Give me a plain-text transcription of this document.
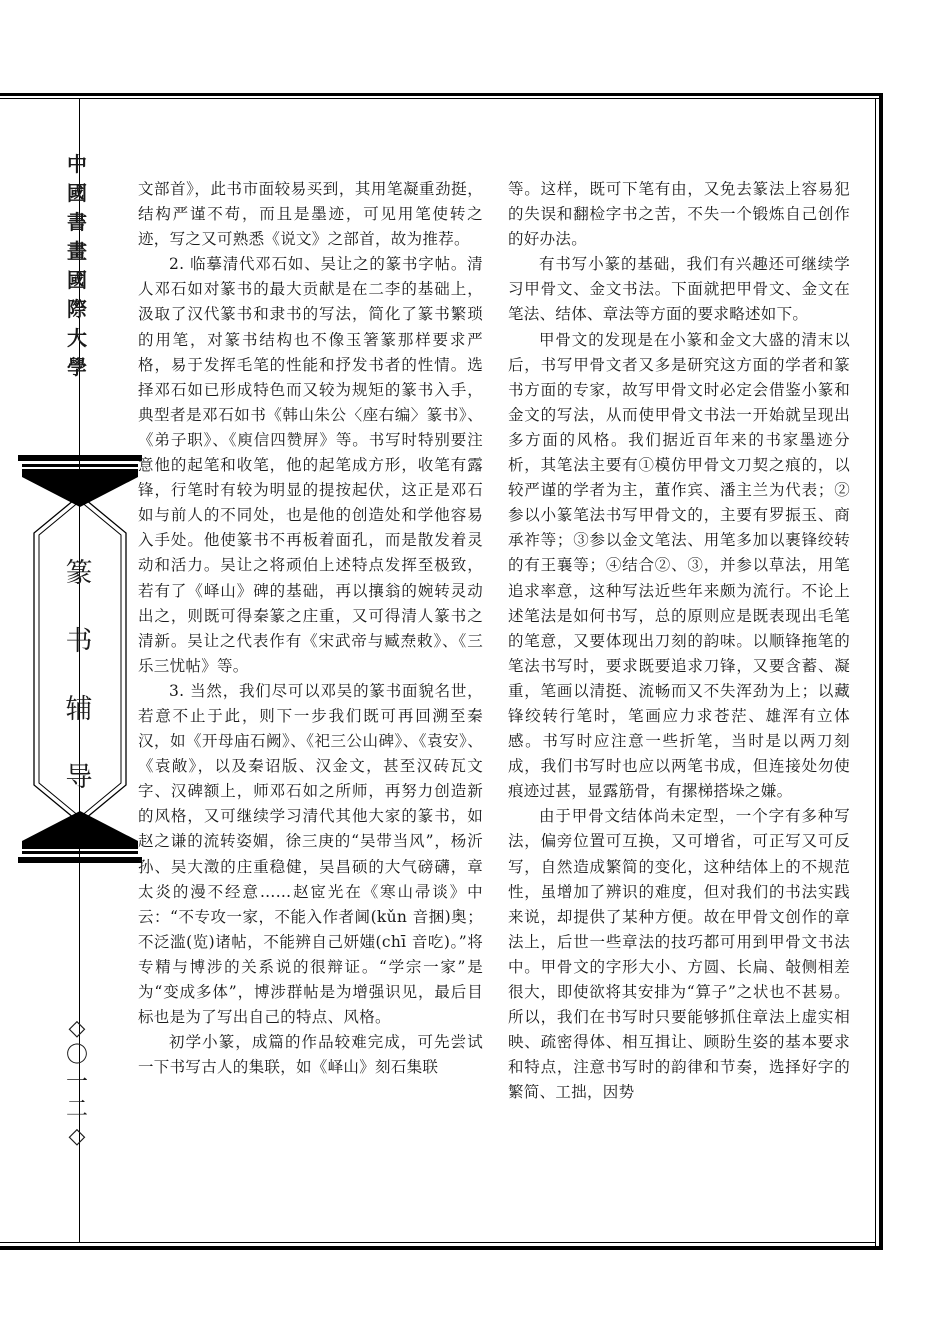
中
國
書
畫
國
際
大
學
篆
书
辅
导
◇
〇
一
二
◇

文部首》，此书市面较易买到，其用笔凝重劲挺，结构严谨不苟，而且是墨迹，可见用笔使转之迹，写之又可熟悉《说文》之部首，故为推荐。

2. 临摹清代邓石如、吴让之的篆书字帖。清人邓石如对篆书的最大贡献是在二李的基础上，汲取了汉代篆书和隶书的写法，简化了篆书繁琐的用笔，对篆书结构也不像玉箸篆那样要求严格，易于发挥毛笔的性能和抒发书者的性情。选择邓石如已形成特色而又较为规矩的篆书入手，典型者是邓石如书《韩山朱公〈座右编〉篆书》、《弟子职》、《庾信四赞屏》等。书写时特别要注意他的起笔和收笔，他的起笔成方形，收笔有露锋，行笔时有较为明显的提按起伏，这正是邓石如与前人的不同处，也是他的创造处和学他容易入手处。他使篆书不再板着面孔，而是散发着灵动和活力。吴让之将顽伯上述特点发挥至极致，若有了《峄山》碑的基础，再以攘翁的婉转灵动出之，则既可得秦篆之庄重，又可得清人篆书之清新。吴让之代表作有《宋武帝与臧焘敕》、《三乐三忧帖》等。

3. 当然，我们尽可以邓吴的篆书面貌名世，若意不止于此，则下一步我们既可再回溯至秦汉，如《开母庙石阙》、《祀三公山碑》、《袁安》、《袁敞》，以及秦诏版、汉金文，甚至汉砖瓦文字、汉碑额上，师邓石如之所师，再努力创造新的风格，又可继续学习清代其他大家的篆书，如赵之谦的流转姿媚，徐三庚的“吴带当风”，杨沂孙、吴大澂的庄重稳健，吴昌硕的大气磅礴，章太炎的漫不经意……赵宧光在《寒山帚谈》中云：“不专攻一家，不能入作者阃(kǔn 音捆)奥；不泛滥(览)诸帖，不能辨自己妍媸(chī 音吃)。”将专精与博涉的关系说的很辩证。“学宗一家”是为“变成多体”，博涉群帖是为增强识见，最后目标也是为了写出自己的特点、风格。

初学小篆，成篇的作品较难完成，可先尝试一下书写古人的集联，如《峄山》刻石集联

等。这样，既可下笔有由，又免去篆法上容易犯的失误和翻检字书之苦，不失一个锻炼自己创作的好办法。

有书写小篆的基础，我们有兴趣还可继续学习甲骨文、金文书法。下面就把甲骨文、金文在笔法、结体、章法等方面的要求略述如下。

甲骨文的发现是在小篆和金文大盛的清末以后，书写甲骨文者又多是研究这方面的学者和篆书方面的专家，故写甲骨文时必定会借鉴小篆和金文的写法，从而使甲骨文书法一开始就呈现出多方面的风格。我们据近百年来的书家墨迹分析，其笔法主要有①模仿甲骨文刀契之痕的，以较严谨的学者为主，董作宾、潘主兰为代表；②参以小篆笔法书写甲骨文的，主要有罗振玉、商承祚等；③参以金文笔法、用笔多加以裹锋绞转的有王襄等；④结合②、③，并参以草法，用笔追求率意，这种写法近些年来颇为流行。不论上述笔法是如何书写，总的原则应是既表现出毛笔的笔意，又要体现出刀刻的韵味。以顺锋拖笔的笔法书写时，要求既要追求刀锋，又要含蓄、凝重，笔画以清挺、流畅而又不失浑劲为上；以藏锋绞转行笔时，笔画应力求苍茫、雄浑有立体感。书写时应注意一些折笔，当时是以两刀刻成，我们书写时也应以两笔书成，但连接处勿使痕迹过甚，显露筋骨，有摞梯搭垛之嫌。

由于甲骨文结体尚未定型，一个字有多种写法，偏旁位置可互换，又可增省，可正写又可反写，自然造成繁简的变化，这种结体上的不规范性，虽增加了辨识的难度，但对我们的书法实践来说，却提供了某种方便。故在甲骨文创作的章法上，后世一些章法的技巧都可用到甲骨文书法中。甲骨文的字形大小、方圆、长扁、敧侧相差很大，即使欲将其安排为“算子”之状也不甚易。所以，我们在书写时只要能够抓住章法上虚实相映、疏密得体、相互揖让、顾盼生姿的基本要求和特点，注意书写时的韵律和节奏，选择好字的繁简、工拙，因势
